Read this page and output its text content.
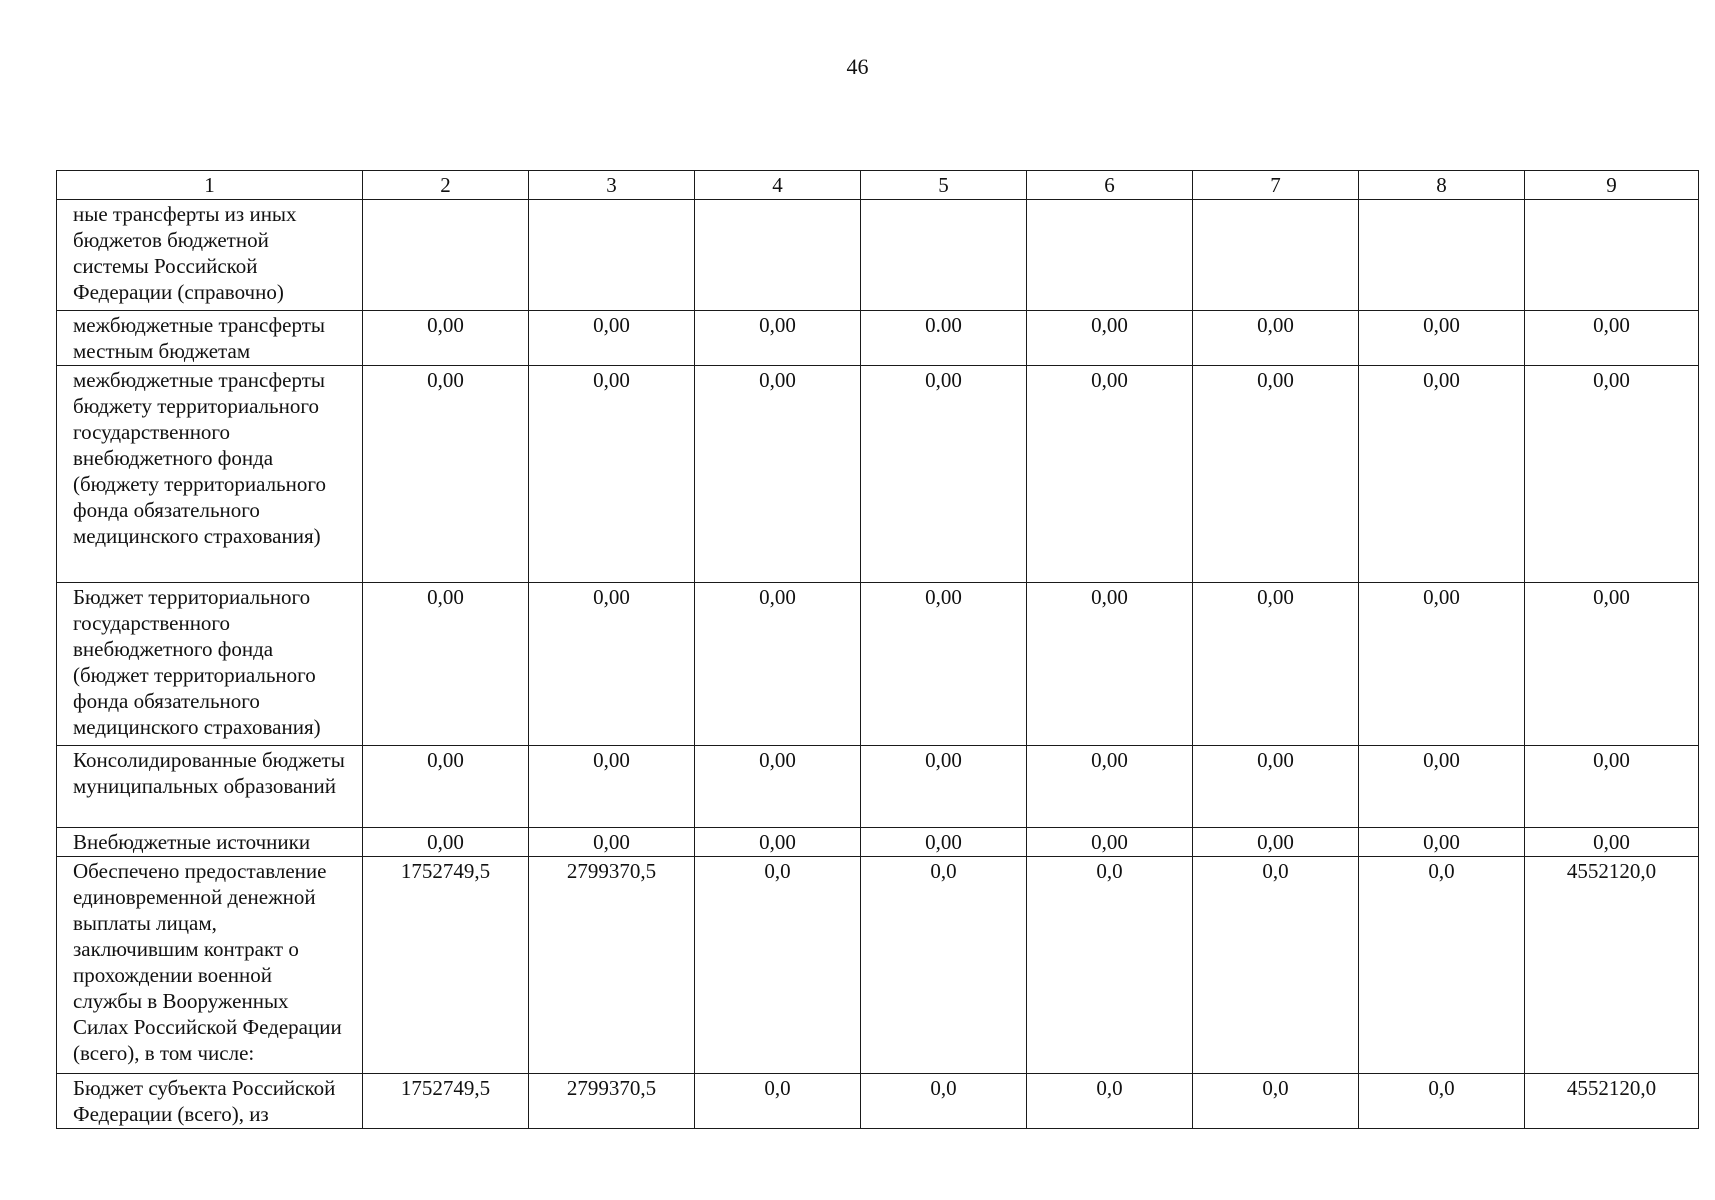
46
1	2	3	4	5	6	7	8	9
ные трансферты из иных бюджетов бюджетной системы Российской Федерации (справочно)								
межбюджетные трансферты местным бюджетам	0,00	0,00	0,00	0.00	0,00	0,00	0,00	0,00
межбюджетные трансферты бюджету территориального государственного внебюджетного фонда (бюджету территориального фонда обязательного медицинского страхования)	0,00	0,00	0,00	0,00	0,00	0,00	0,00	0,00
Бюджет территориального государственного внебюджетного фонда (бюджет территориального фонда обязательного медицинского страхования)	0,00	0,00	0,00	0,00	0,00	0,00	0,00	0,00
Консолидированные бюджеты муниципальных образований	0,00	0,00	0,00	0,00	0,00	0,00	0,00	0,00
Внебюджетные источники	0,00	0,00	0,00	0,00	0,00	0,00	0,00	0,00
Обеспечено предоставление единовременной денежной выплаты лицам, заключившим контракт о прохождении военной службы в Вооруженных Силах Российской Федерации (всего), в том числе:	1752749,5	2799370,5	0,0	0,0	0,0	0,0	0,0	4552120,0
Бюджет субъекта Российской Федерации (всего), из	1752749,5	2799370,5	0,0	0,0	0,0	0,0	0,0	4552120,0
